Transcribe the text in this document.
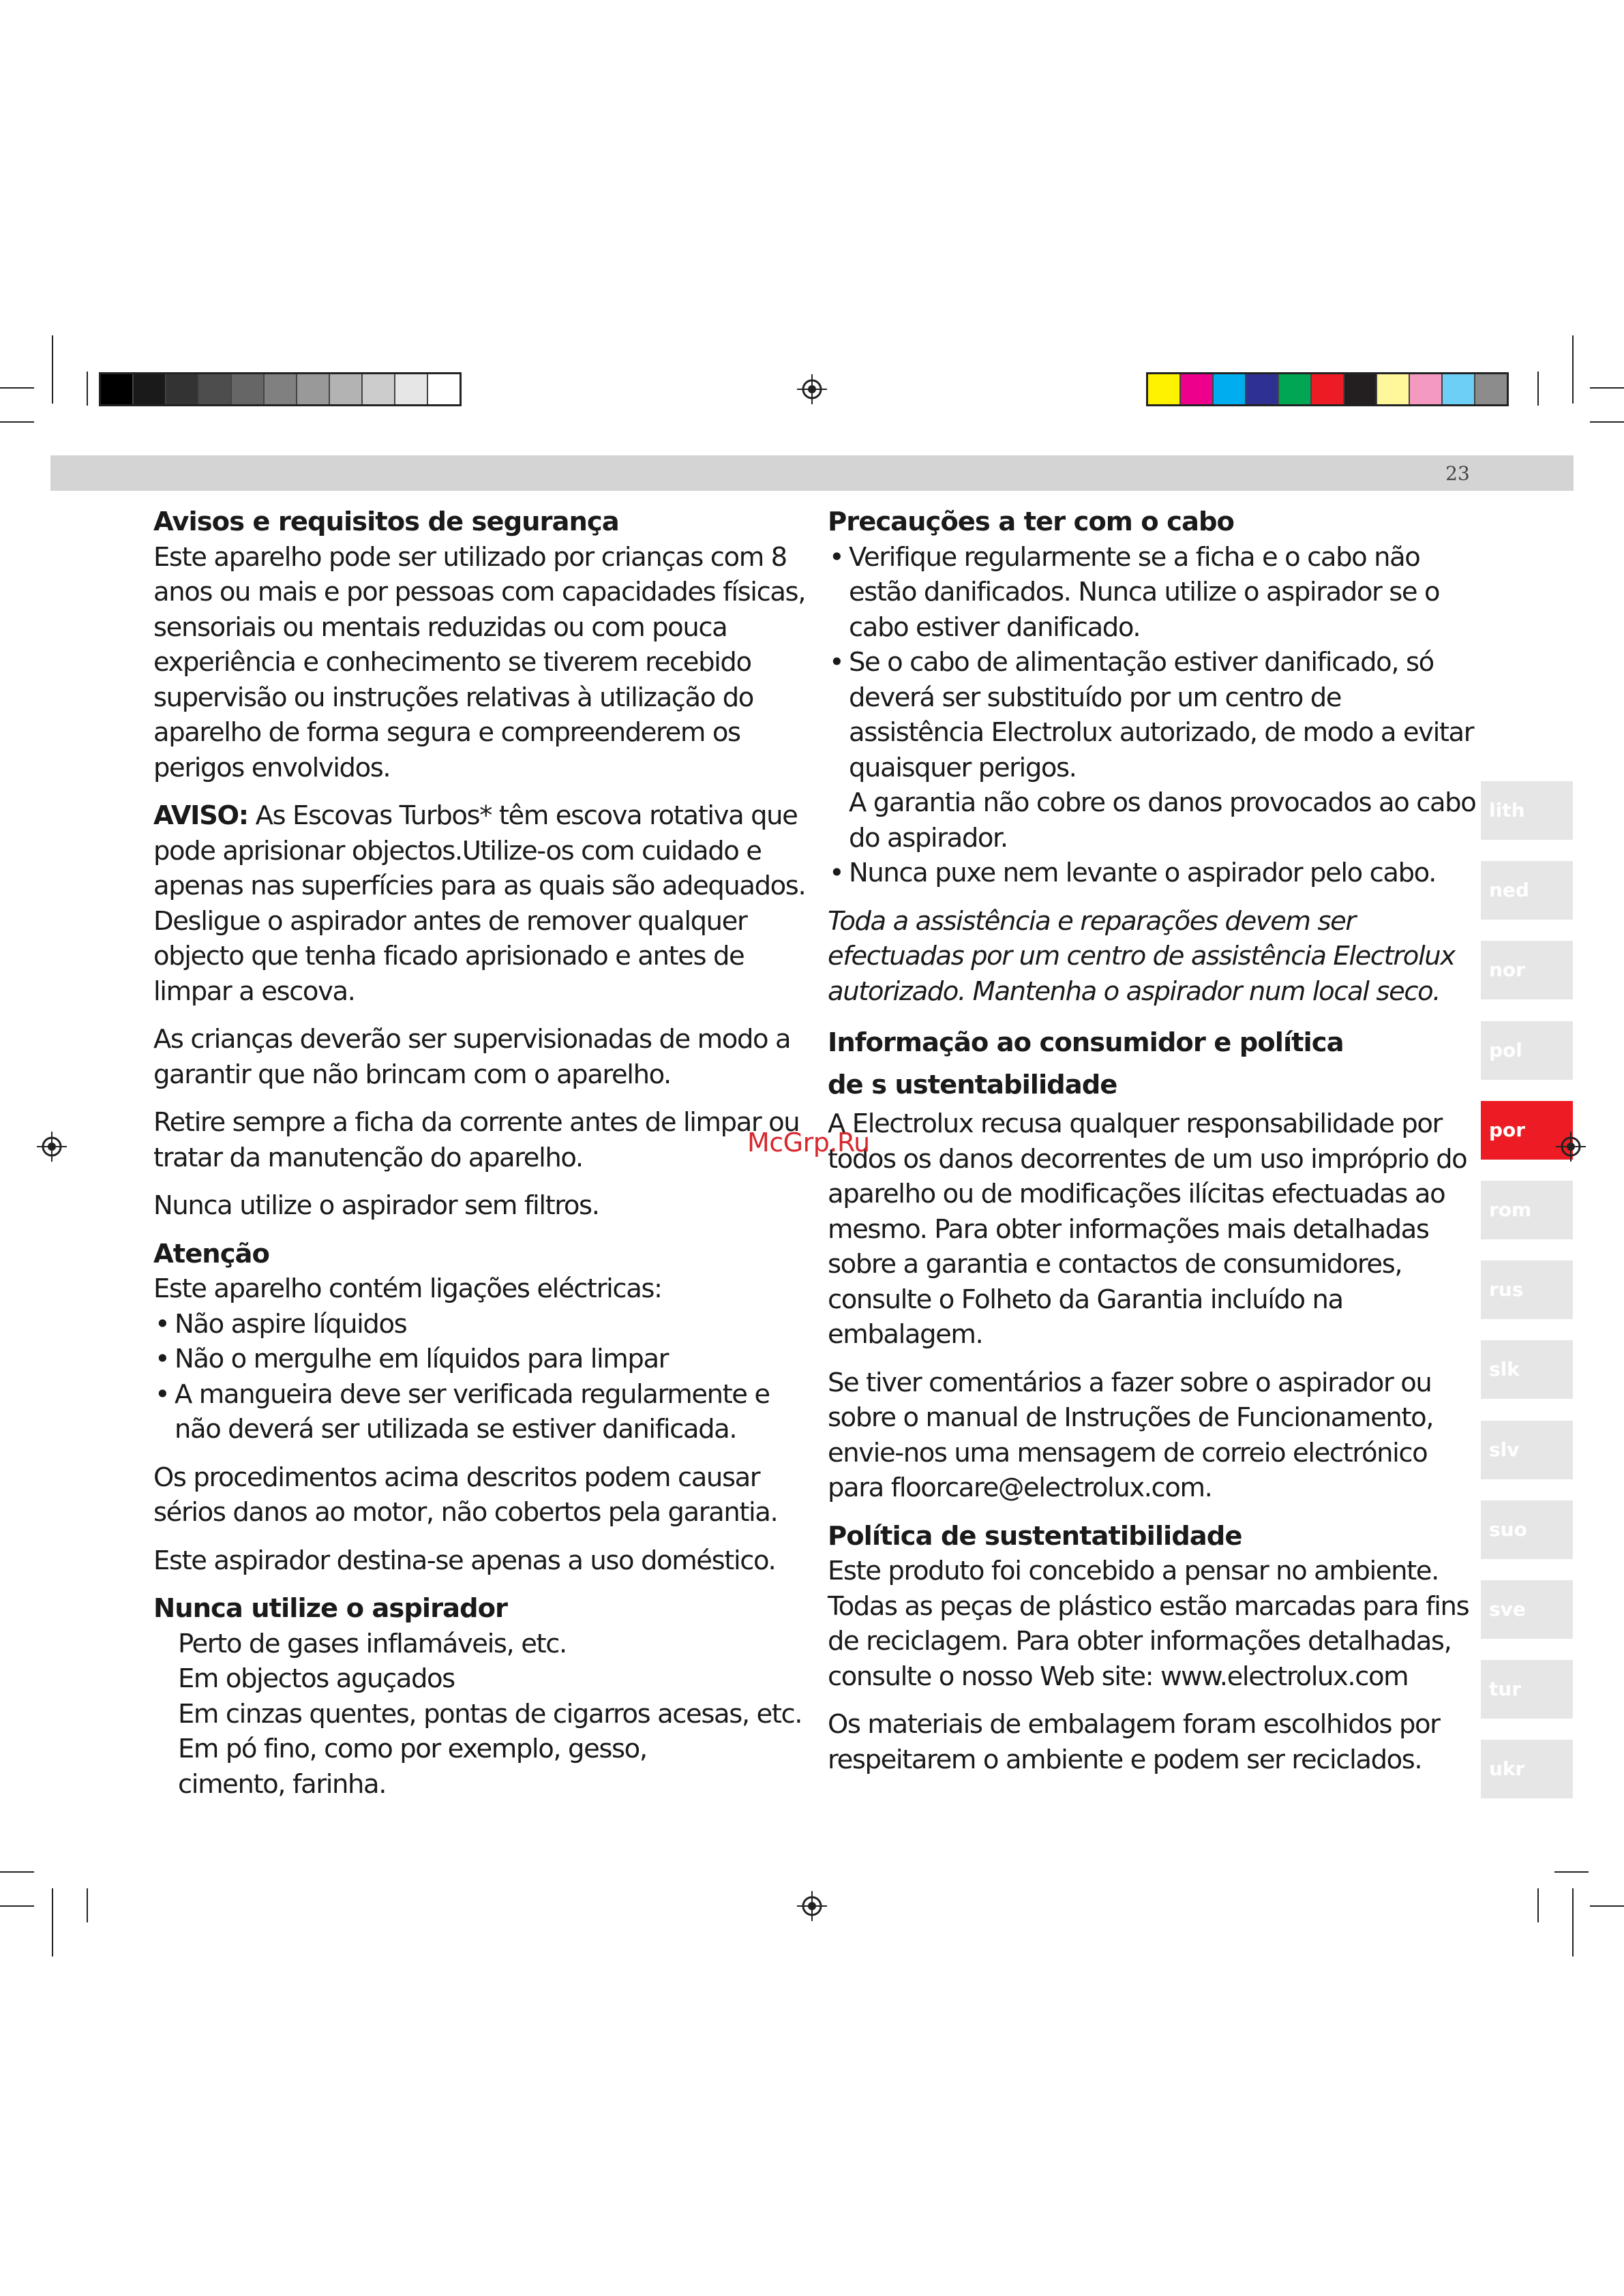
23
Avisos e requisitos de segurança

Este aparelho pode ser utilizado por crianças com 8 anos ou mais e por pessoas com capacidades físicas, sensoriais ou mentais reduzidas ou com pouca experiência e conhecimento se tiverem recebido supervisão ou instruções relativas à utilização do aparelho de forma segura e compreenderem os perigos envolvidos.

AVISO: As Escovas Turbos* têm escova rotativa que pode aprisionar objectos.Utilize-os com cuidado e apenas nas superfícies para as quais são adequados. Desligue o aspirador antes de remover qualquer objecto que tenha ficado aprisionado e antes de limpar a escova.

As crianças deverão ser supervisionadas de modo a garantir que não brincam com o aparelho.

Retire sempre a ficha da corrente antes de limpar ou tratar da manutenção do aparelho.

Nunca utilize o aspirador sem filtros.

Atenção
Este aparelho contém ligações eléctricas:
• Não aspire líquidos
• Não o mergulhe em líquidos para limpar
• A mangueira deve ser verificada regularmente e não deverá ser utilizada se estiver danificada.

Os procedimentos acima descritos podem causar sérios danos ao motor, não cobertos pela garantia.

Este aspirador destina-se apenas a uso doméstico.

Nunca utilize o aspirador
Perto de gases inflamáveis, etc.
Em objectos aguçados
Em cinzas quentes, pontas de cigarros acesas, etc.
Em pó fino, como por exemplo, gesso,
cimento, farinha.
Precauções a ter com o cabo
• Verifique regularmente se a ficha e o cabo não estão danificados. Nunca utilize o aspirador se o cabo estiver danificado.
• Se o cabo de alimentação estiver danificado, só deverá ser substituído por um centro de assistência Electrolux autorizado, de modo a evitar quaisquer perigos.
A garantia não cobre os danos provocados ao cabo do aspirador.
• Nunca puxe nem levante o aspirador pelo cabo.

Toda a assistência e reparações devem ser efectuadas por um centro de assistência Electrolux autorizado. Mantenha o aspirador num local seco.

Informação ao consumidor e política de s ustentabilidade

A Electrolux recusa qualquer responsabilidade por todos os danos decorrentes de um uso impróprio do aparelho ou de modificações ilícitas efectuadas ao mesmo. Para obter informações mais detalhadas sobre a garantia e contactos de consumidores, consulte o Folheto da Garantia incluído na embalagem.

Se tiver comentários a fazer sobre o aspirador ou sobre o manual de Instruções de Funcionamento, envie-nos uma mensagem de correio electrónico para floorcare@electrolux.com.

Política de sustentatibilidade

Este produto foi concebido a pensar no ambiente. Todas as peças de plástico estão marcadas para fins de reciclagem. Para obter informações detalhadas, consulte o nosso Web site: www.electrolux.com

Os materiais de embalagem foram escolhidos por respeitarem o ambiente e podem ser reciclados.

lith
ned
nor
pol
por
rom
rus
slk
slv
suo
sve
tur
ukr
McGrp.Ru
